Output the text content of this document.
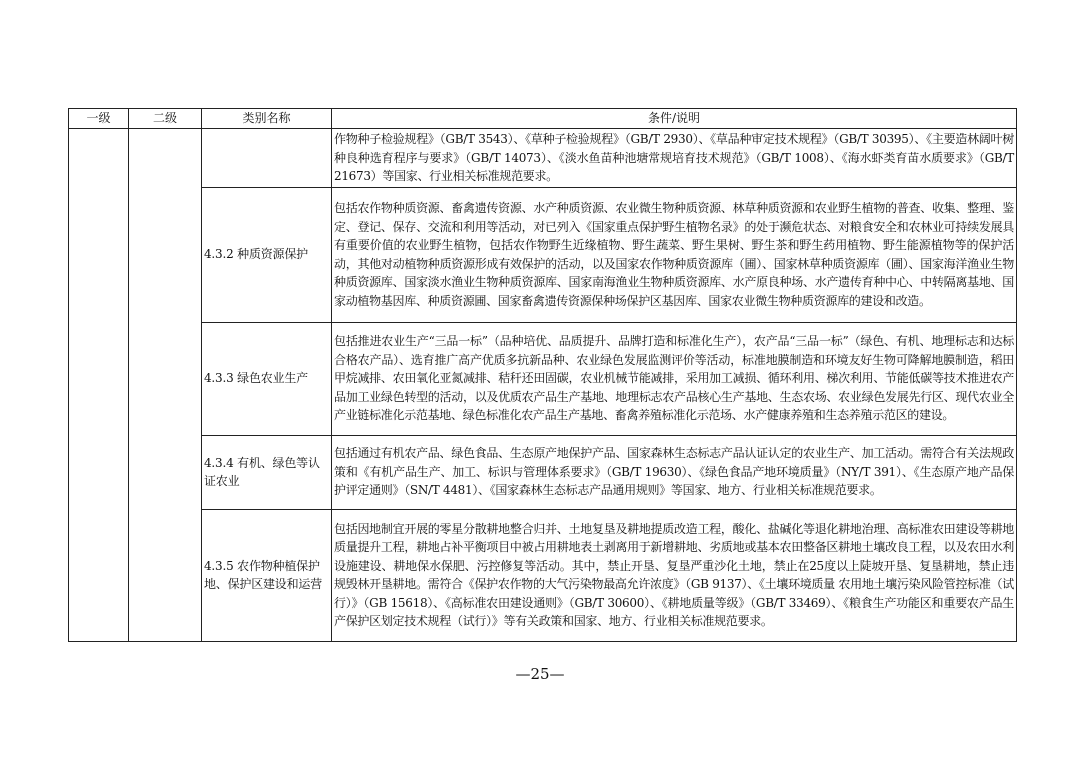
一级	二级	类别名称	条件/说明
			作物种子检验规程》（GB/T 3543）、《草种子检验规程》（GB/T 2930）、《草品种审定技术规程》（GB/T 30395）、《主要造林阔叶树种良种选育程序与要求》（GB/T 14073）、《淡水鱼苗种池塘常规培育技术规范》（GB/T 1008）、《海水虾类育苗水质要求》（GB/T 21673）等国家、行业相关标准规范要求。
		4.3.2 种质资源保护	包括农作物种质资源、畜禽遗传资源、水产种质资源、农业微生物种质资源、林草种质资源和农业野生植物的普查、收集、整理、鉴定、登记、保存、交流和利用等活动，对已列入《国家重点保护野生植物名录》的处于濒危状态、对粮食安全和农林业可持续发展具有重要价值的农业野生植物，包括农作物野生近缘植物、野生蔬菜、野生果树、野生茶和野生药用植物、野生能源植物等的保护活动，其他对动植物种质资源形成有效保护的活动，以及国家农作物种质资源库（圃）、国家林草种质资源库（圃）、国家海洋渔业生物种质资源库、国家淡水渔业生物种质资源库、国家南海渔业生物种质资源库、水产原良种场、水产遗传育种中心、中转隔离基地、国家动植物基因库、种质资源圃、国家畜禽遗传资源保种场保护区基因库、国家农业微生物种质资源库的建设和改造。
		4.3.3 绿色农业生产	包括推进农业生产“三品一标”（品种培优、品质提升、品牌打造和标准化生产），农产品“三品一标”（绿色、有机、地理标志和达标合格农产品）、选育推广高产优质多抗新品种、农业绿色发展监测评价等活动，标准地膜制造和环境友好生物可降解地膜制造，稻田甲烷减排、农田氧化亚氮减排、秸秆还田固碳，农业机械节能减排，采用加工减损、循环利用、梯次利用、节能低碳等技术推进农产品加工业绿色转型的活动，以及优质农产品生产基地、地理标志农产品核心生产基地、生态农场、农业绿色发展先行区、现代农业全产业链标准化示范基地、绿色标准化农产品生产基地、畜禽养殖标准化示范场、水产健康养殖和生态养殖示范区的建设。
		4.3.4 有机、绿色等认证农业	包括通过有机农产品、绿色食品、生态原产地保护产品、国家森林生态标志产品认证认定的农业生产、加工活动。需符合有关法规政策和《有机产品生产、加工、标识与管理体系要求》（GB/T 19630）、《绿色食品产地环境质量》（NY/T 391）、《生态原产地产品保护评定通则》（SN/T 4481）、《国家森林生态标志产品通用规则》等国家、地方、行业相关标准规范要求。
		4.3.5 农作物种植保护地、保护区建设和运营	包括因地制宜开展的零星分散耕地整合归并、土地复垦及耕地提质改造工程，酸化、盐碱化等退化耕地治理、高标准农田建设等耕地质量提升工程，耕地占补平衡项目中被占用耕地表土剥离用于新增耕地、劣质地或基本农田整备区耕地土壤改良工程，以及农田水利设施建设、耕地保水保肥、污控修复等活动。其中，禁止开垦、复垦严重沙化土地，禁止在25度以上陡坡开垦、复垦耕地，禁止违规毁林开垦耕地。需符合《保护农作物的大气污染物最高允许浓度》（GB 9137）、《土壤环境质量 农用地土壤污染风险管控标准（试行）》（GB 15618）、《高标准农田建设通则》（GB/T 30600）、《耕地质量等级》（GB/T 33469）、《粮食生产功能区和重要农产品生产保护区划定技术规程（试行）》等有关政策和国家、地方、行业相关标准规范要求。
—25—
